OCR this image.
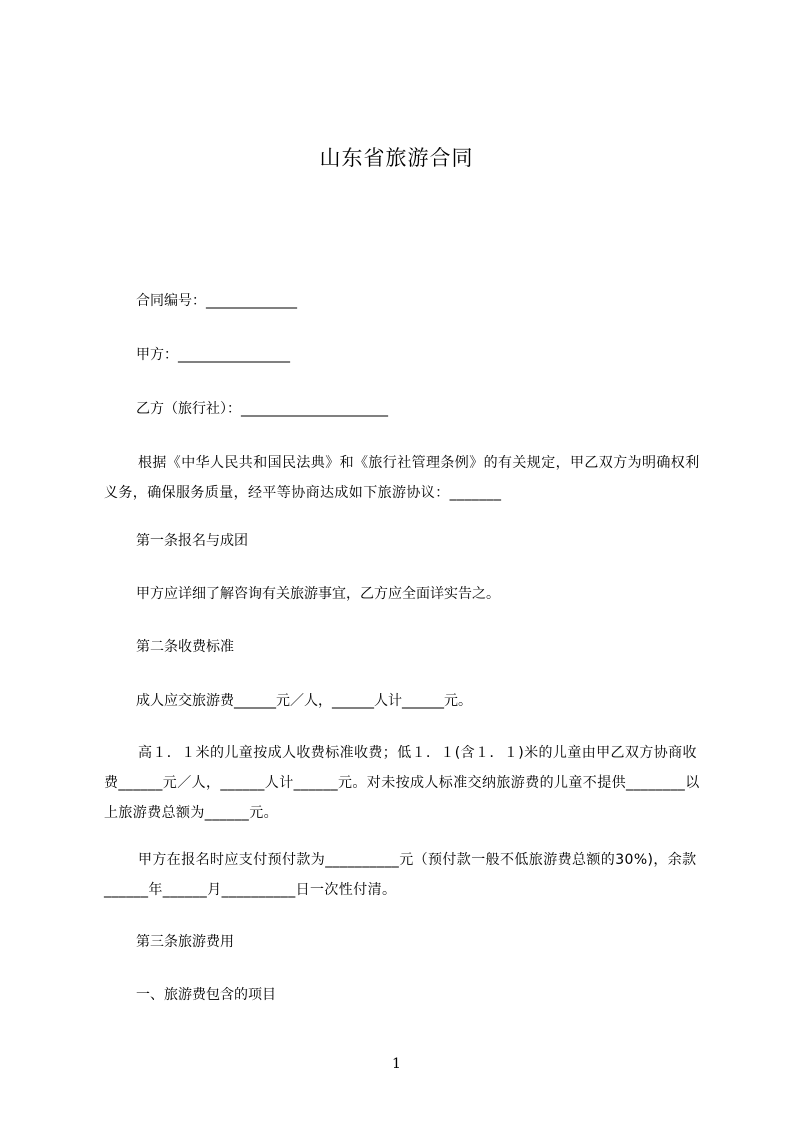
山东省旅游合同
合同编号：_____________
甲方：________________
乙方（旅行社）：_____________________
根据《中华人民共和国民法典》和《旅行社管理条例》的有关规定，甲乙双方为明确权利义务，确保服务质量，经平等协商达成如下旅游协议：_______
第一条报名与成团
甲方应详细了解咨询有关旅游事宜，乙方应全面详实告之。
第二条收费标准
成人应交旅游费______元／人，______人计______元。
高１．１米的儿童按成人收费标准收费；低１．１(含１．１)米的儿童由甲乙双方协商收费______元／人，______人计______元。对未按成人标准交纳旅游费的儿童不提供________以上旅游费总额为______元。
甲方在报名时应支付预付款为__________元（预付款一般不低旅游费总额的30%)，余款______年______月__________日一次性付清。
第三条旅游费用
一、旅游费包含的项目
1
